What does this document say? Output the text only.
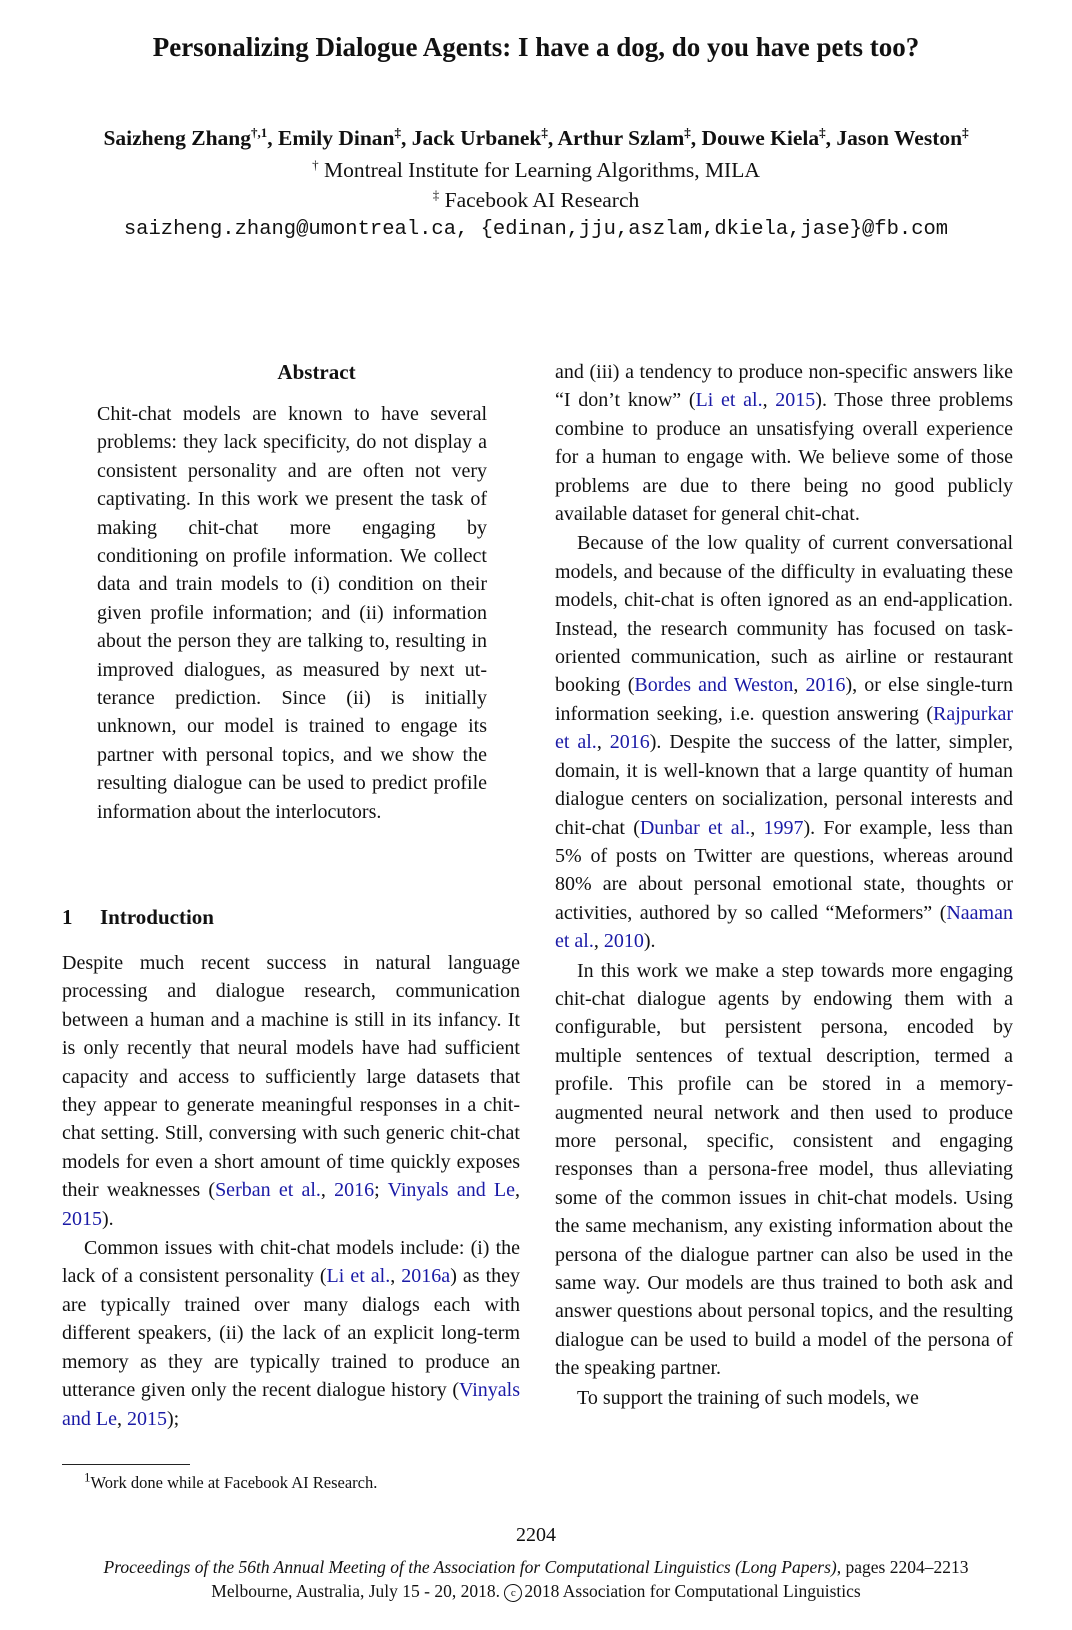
Personalizing Dialogue Agents: I have a dog, do you have pets too?
Saizheng Zhang$^{\dagger,1}$, Emily Dinan‡, Jack Urbanek‡, Arthur Szlam‡, Douwe Kiela‡, Jason Weston‡
† Montreal Institute for Learning Algorithms, MILA
‡ Facebook AI Research
saizheng.zhang@umontreal.ca, {edinan,jju,aszlam,dkiela,jase}@fb.com
Abstract

Chit-chat models are known to have several problems: they lack specificity, do not display a consistent personality and are often not very captivating. In this work we present the task of making chit-chat more engaging by conditioning on profile information. We collect data and train models to (i) condition on their given profile information; and (ii) information about the person they are talking to, resulting in improved dialogues, as measured by next utterance prediction. Since (ii) is initially unknown, our model is trained to engage its partner with personal topics, and we show the resulting dialogue can be used to predict profile information about the interlocutors.

1 Introduction

Despite much recent success in natural language processing and dialogue research, communication between a human and a machine is still in its infancy. It is only recently that neural models have had sufficient capacity and access to sufficiently large datasets that they appear to generate meaningful responses in a chit-chat setting. Still, conversing with such generic chit-chat models for even a short amount of time quickly exposes their weaknesses (Serban et al., 2016; Vinyals and Le, 2015).

Common issues with chit-chat models include: (i) the lack of a consistent personality (Li et al., 2016a) as they are typically trained over many dialogs each with different speakers, (ii) the lack of an explicit long-term memory as they are typically trained to produce an utterance given only the recent dialogue history (Vinyals and Le, 2015);

and (iii) a tendency to produce non-specific answers like “I don’t know” (Li et al., 2015). Those three problems combine to produce an unsatisfying overall experience for a human to engage with. We believe some of those problems are due to there being no good publicly available dataset for general chit-chat.

Because of the low quality of current conversational models, and because of the difficulty in evaluating these models, chit-chat is often ignored as an end-application. Instead, the research community has focused on task-oriented communication, such as airline or restaurant booking (Bordes and Weston, 2016), or else single-turn information seeking, i.e. question answering (Rajpurkar et al., 2016). Despite the success of the latter, simpler, domain, it is well-known that a large quantity of human dialogue centers on socialization, personal interests and chit-chat (Dunbar et al., 1997). For example, less than 5% of posts on Twitter are questions, whereas around 80% are about personal emotional state, thoughts or activities, authored by so called “Meformers” (Naaman et al., 2010).

In this work we make a step towards more engaging chit-chat dialogue agents by endowing them with a configurable, but persistent persona, encoded by multiple sentences of textual description, termed a profile. This profile can be stored in a memory-augmented neural network and then used to produce more personal, specific, consistent and engaging responses than a persona-free model, thus alleviating some of the common issues in chit-chat models. Using the same mechanism, any existing information about the persona of the dialogue partner can also be used in the same way. Our models are thus trained to both ask and answer questions about personal topics, and the resulting dialogue can be used to build a model of the persona of the speaking partner.

To support the training of such models, we

$^1$Work done while at Facebook AI Research.
2204
Proceedings of the 56th Annual Meeting of the Association for Computational Linguistics (Long Papers), pages 2204–2213
Melbourne, Australia, July 15 - 20, 2018. c 2018 Association for Computational Linguistics
